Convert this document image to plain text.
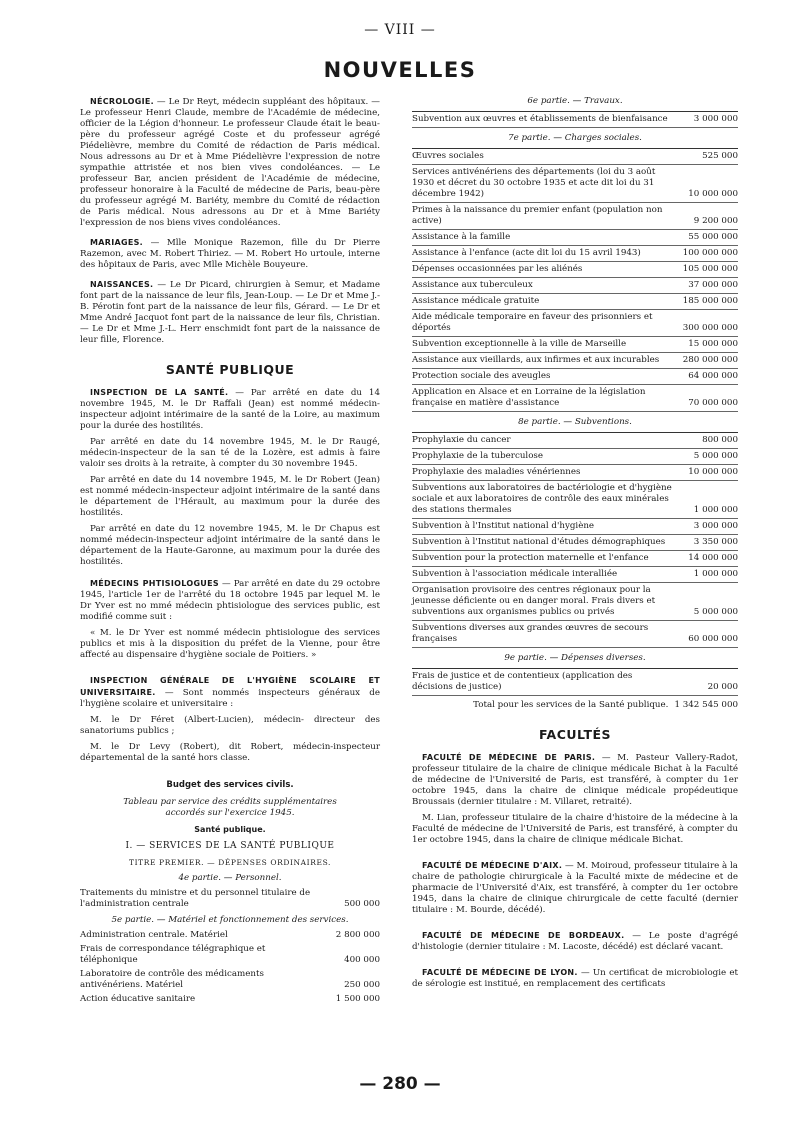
— VIII —
NOUVELLES

NÉCROLOGIE. — Le Dr Reyt, médecin suppléant des hôpitaux. — Le professeur Henri Claude, membre de l'Académie de médecine, officier de la Légion d'honneur. Le professeur Claude était le beau-père du professeur agrégé Coste et du professeur agrégé Piédelièvre, membre du Comité de rédaction de Paris médical. Nous adressons au Dr et à Mme Piédelièvre l'expression de notre sympathie attristée et nos bien vives condoléances. — Le professeur Bar, ancien président de l'Académie de médecine, professeur honoraire à la Faculté de médecine de Paris, beau-père du professeur agrégé M. Bariéty, membre du Comité de rédaction de Paris médical. Nous adressons au Dr et à Mme Bariéty l'expression de nos biens vives condoléances.

MARIAGES. — Mlle Monique Razemon, fille du Dr Pierre Razemon, avec M. Robert Thiriez. — M. Robert Ho urtoule, interne des hôpitaux de Paris, avec Mlle Michèle Bouyeure.

NAISSANCES. — Le Dr Picard, chirurgien à Semur, et Madame font part de la naissance de leur fils, Jean-Loup. — Le Dr et Mme J.-B. Pérotin font part de la naissance de leur fils, Gérard. — Le Dr et Mme André Jacquot font part de la naissance de leur fils, Christian. — Le Dr et Mme J.-L. Herr enschmidt font part de la naissance de leur fille, Florence.

SANTÉ PUBLIQUE

INSPECTION DE LA SANTÉ. — Par arrêté en date du 14 novembre 1945, M. le Dr Raffali (Jean) est nommé médecin-inspecteur adjoint intérimaire de la santé de la Loire, au maximum pour la durée des hostilités.

Par arrêté en date du 14 novembre 1945, M. le Dr Raugé, médecin-inspecteur de la san té de la Lozère, est admis à faire valoir ses droits à la retraite, à compter du 30 novembre 1945.

Par arrêté en date du 14 novembre 1945, M. le Dr Robert (Jean) est nommé médecin-inspecteur adjoint intérimaire de la santé dans le département de l'Hérault, au maximum pour la durée des hostilités.

Par arrêté en date du 12 novembre 1945, M. le Dr Chapus est nommé médecin-inspecteur adjoint intérimaire de la santé dans le département de la Haute-Garonne, au maximum pour la durée des hostilités.

MÉDECINS PHTISIOLOGUES — Par arrêté en date du 29 octobre 1945, l'article 1er de l'arrêté du 18 octobre 1945 par lequel M. le Dr Yver est no mmé médecin phtisiologue des services public, est modifié comme suit :

« M. le Dr Yver est nommé médecin phtisiologue des services publics et mis à la disposition du préfet de la Vienne, pour être affecté au dispensaire d'hygiène sociale de Poitiers. »

INSPECTION GÉNÉRALE DE L'HYGIÈNE SCOLAIRE ET UNIVERSITAIRE. — Sont nommés inspecteurs généraux de l'hygiène scolaire et universitaire :

M. le Dr Féret (Albert-Lucien), médecin- directeur des sanatoriums publics ;

M. le Dr Levy (Robert), dit Robert, médecin-inspecteur départemental de la santé hors classe.

Budget des services civils.

Tableau par service des crédits supplémentaires accordés sur l'exercice 1945.

Santé publique.

I. — SERVICES DE LA SANTÉ PUBLIQUE

TITRE PREMIER. — DÉPENSES ORDINAIRES.

4e partie. — Personnel.
Traitements du ministre et du personnel titulaire de l'administration centrale	500 000
5e partie. — Matériel et fonctionnement des services.
Administration centrale. Matériel	2 800 000
Frais de correspondance télégraphique et téléphonique	400 000
Laboratoire de contrôle des médicaments antivénériens. Matériel	250 000
Action éducative sanitaire	1 500 000
6e partie. — Travaux.
Subvention aux œuvres et établissements de bienfaisance	3 000 000
7e partie. — Charges sociales.
Œuvres sociales	525 000
Services antivénériens des départements (loi du 3 août 1930 et décret du 30 octobre 1935 et acte dit loi du 31 décembre 1942)	10 000 000
Primes à la naissance du premier enfant (population non active)	9 200 000
Assistance à la famille	55 000 000
Assistance à l'enfance (acte dit loi du 15 avril 1943)	100 000 000
Dépenses occasionnées par les aliénés	105 000 000
Assistance aux tuberculeux	37 000 000
Assistance médicale gratuite	185 000 000
Aide médicale temporaire en faveur des prisonniers et déportés	300 000 000
Subvention exceptionnelle à la ville de Marseille	15 000 000
Assistance aux vieillards, aux infirmes et aux incurables	280 000 000
Protection sociale des aveugles	64 000 000
Application en Alsace et en Lorraine de la législation française en matière d'assistance	70 000 000
8e partie. — Subventions.
Prophylaxie du cancer	800 000
Prophylaxie de la tuberculose	5 000 000
Prophylaxie des maladies vénériennes	10 000 000
Subventions aux laboratoires de bactériologie et d'hygiène sociale et aux laboratoires de contrôle des eaux minérales des stations thermales	1 000 000
Subvention à l'Institut national d'hygiène	3 000 000
Subvention à l'Institut national d'études démographiques	3 350 000
Subvention pour la protection maternelle et l'enfance	14 000 000
Subvention à l'association médicale interalliée	1 000 000
Organisation provisoire des centres régionaux pour la jeunesse déficiente ou en danger moral. Frais divers et subventions aux organismes publics ou privés	5 000 000
Subventions diverses aux grandes œuvres de secours françaises	60 000 000
9e partie. — Dépenses diverses.
Frais de justice et de contentieux (application des décisions de justice)	20 000
Total pour les services de la Santé publique. 1 342 545 000
FACULTÉS

FACULTÉ DE MÉDECINE DE PARIS. — M. Pasteur Vallery-Radot, professeur titulaire de la chaire de clinique médicale Bichat à la Faculté de médecine de l'Université de Paris, est transféré, à compter du 1er octobre 1945, dans la chaire de clinique médicale propédeutique Broussais (dernier titulaire : M. Villaret, retraité).

M. Lian, professeur titulaire de la chaire d'histoire de la médecine à la Faculté de médecine de l'Université de Paris, est transféré, à compter du 1er octobre 1945, dans la chaire de clinique médicale Bichat.

FACULTÉ DE MÉDECINE D'AIX. — M. Moiroud, professeur titulaire à la chaire de pathologie chirurgicale à la Faculté mixte de médecine et de pharmacie de l'Université d'Aix, est transféré, à compter du 1er octobre 1945, dans la chaire de clinique chirurgicale de cette faculté (dernier titulaire : M. Bourde, décédé).

FACULTÉ DE MÉDECINE DE BORDEAUX. — Le poste d'agrégé d'histologie (dernier titulaire : M. Lacoste, décédé) est déclaré vacant.

FACULTÉ DE MÉDECINE DE LYON. — Un certificat de microbiologie et de sérologie est institué, en remplacement des certificats

— 280 —
